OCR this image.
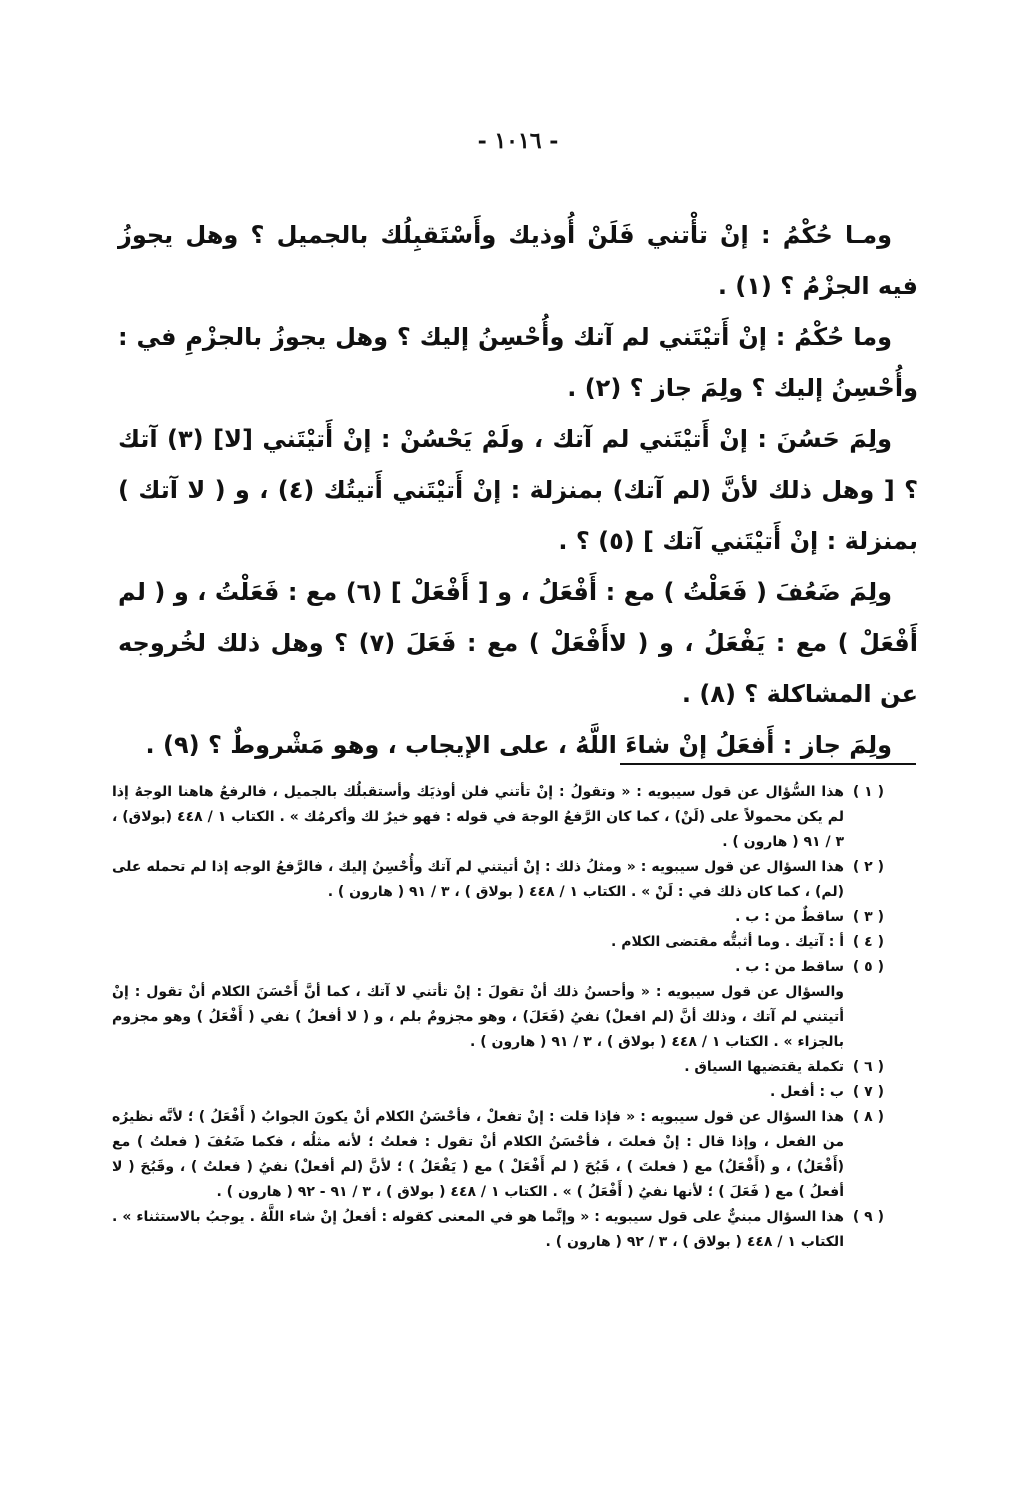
- ١٠١٦ -

ومـا حُكْمُ : إنْ تأْتني فَلَنْ أُوذيك وأَسْتَقبِلُك بالجميل ؟ وهل يجوزُ فيه الجزْمُ ؟ (١) .

وما حُكْمُ : إنْ أَتيْتَني لم آتك وأُحْسِنُ إليك ؟ وهل يجوزُ بالجزْمِ في : وأُحْسِنُ إليك ؟ ولِمَ جاز ؟ (٢) .

ولِمَ حَسُنَ : إنْ أَتيْتَني لم آتك ، ولَمْ يَحْسُنْ : إنْ أَتيْتَني [لا] (٣) آتك ؟ [ وهل ذلك لأنَّ (لم آتك) بمنزلة : إنْ أَتيْتَني أَتيتُك (٤) ، و ( لا آتك ) بمنزلة : إنْ أَتيْتَني آتك ] (٥) ؟ .

ولِمَ ضَعُفَ ( فَعَلْتُ ) مع : أَفْعَلُ ، و [ أَفْعَلْ ] (٦) مع : فَعَلْتُ ، و ( لم أَفْعَلْ ) مع : يَفْعَلُ ، و ( لاأَفْعَلْ ) مع : فَعَلَ (٧) ؟ وهل ذلك لخُروجه عن المشاكلة ؟ (٨) .

ولِمَ جاز : أَفعَلُ إنْ شاءَ اللَّهُ ، على الإيجاب ، وهو مَشْروطٌ ؟ (٩) .

( ١ )
هذا السُّؤال عن قول سيبويه : « وتقولُ : إنْ تأتني فلن أوذيَك وأستقبلُك بالجميل ، فالرفعُ هاهنا الوجهُ إذا لم يكن محمولاً على (لَنْ) ، كما كان الرَّفعُ الوجهَ في قوله : فهو خيرٌ لك وأكرمُك » . الكتاب ١ / ٤٤٨ (بولاق) ، ٣ / ٩١ ( هارون ) .
( ٢ )
هذا السؤال عن قول سيبويه : « ومثلُ ذلك : إنْ أتيتني لم آتك وأُحْسِنُ إليك ، فالرَّفعُ الوجه إذا لم تحمله على (لم) ، كما كان ذلك في : لَنْ » . الكتاب ١ / ٤٤٨ ( بولاق ) ، ٣ / ٩١ ( هارون ) .
( ٣ )
ساقطٌ من : ب .
( ٤ )
أ : آتيك . وما أثبتُّه مقتضى الكلام .
( ٥ )
ساقط من : ب .
والسؤال عن قول سيبويه : « وأحسنُ ذلك أنْ تقولَ : إنْ تأتني لا آتك ، كما أنَّ أَحْسَنَ الكلام أنْ تقول : إنْ أتيتني لم آتك ، وذلك أنَّ (لم افعلْ) نفيُ (فَعَلَ) ، وهو مجزومٌ بلم ، و ( لا أفعلُ ) نفي ( أَفْعَلُ ) وهو مجزوم بالجزاء » . الكتاب ١ / ٤٤٨ ( بولاق ) ، ٣ / ٩١ ( هارون ) .
( ٦ )
تكملة يقتضيها السياق .
( ٧ )
ب : أفعل .
( ٨ )
هذا السؤال عن قول سيبويه : « فإذا قلت : إنْ تفعلْ ، فأحْسَنُ الكلام أنْ يكونَ الجوابُ ( أَفْعَلُ ) ؛ لأنَّه نظيرُه من الفعل ، وإذا قال : إنْ فعلتَ ، فأحْسَنُ الكلام أنْ تقول : فعلتُ ؛ لأنه مثلُه ، فكما ضَعُفَ ( فعلتُ ) مع (أَفْعَلُ) ، و (أَفْعَلُ) مع ( فعلتَ ) ، قَبُحَ ( لم أَفْعَلْ ) مع ( يَفْعَلُ ) ؛ لأنَّ (لم أفعلْ) نفيُ ( فعلتُ ) ، وقَبُحَ ( لا أفعلُ ) مع ( فَعَلَ ) ؛ لأنها نفيُ ( أَفْعَلُ ) » . الكتاب ١ / ٤٤٨ ( بولاق ) ، ٣ / ٩١ - ٩٢ ( هارون ) .
( ٩ )
هذا السؤال مبنيٌّ على قول سيبويه : « وإنَّما هو في المعنى كقوله : أفعلُ إنْ شاء اللَّهُ . يوجبُ بالاستثناء » . الكتاب ١ / ٤٤٨ ( بولاق ) ، ٣ / ٩٢ ( هارون ) .
